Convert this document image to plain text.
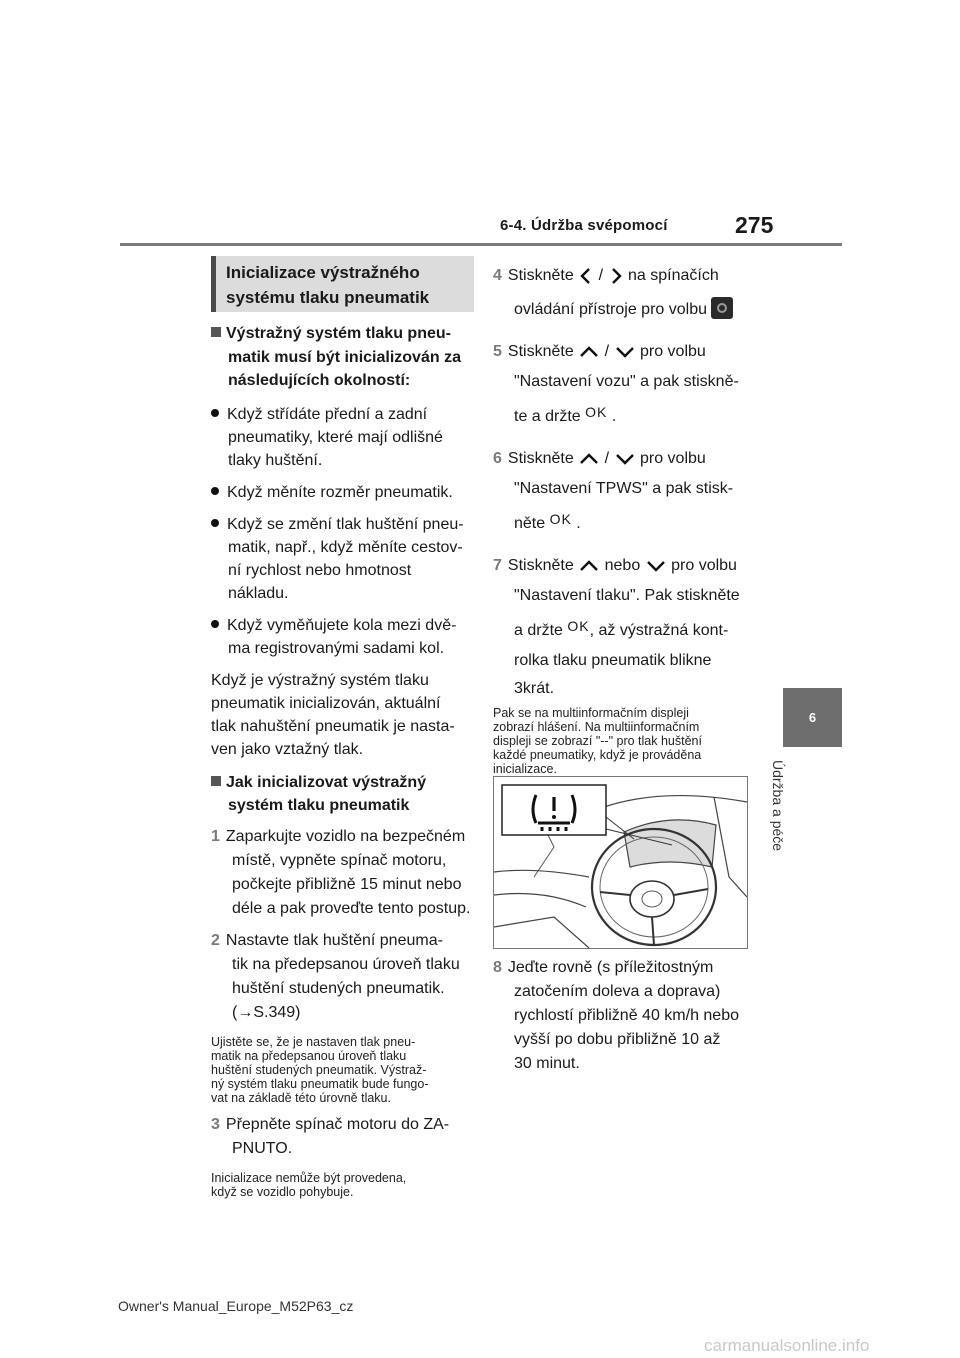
6-4. Údržba svépomocí	275
6
Údržba a péče
Inicializace výstražného
systému tlaku pneumatik
Výstražný systém tlaku pneu-
matik musí být inicializován za
následujících okolností:
Když střídáte přední a zadní
pneumatiky, které mají odlišné
tlaky huštění.
Když měníte rozměr pneumatik.
Když se změní tlak huštění pneu-
matik, např., když měníte cestov-
ní rychlost nebo hmotnost
nákladu.
Když vyměňujete kola mezi dvě-
ma registrovanými sadami kol.
Když je výstražný systém tlaku
pneumatik inicializován, aktuální
tlak nahuštění pneumatik je nasta-
ven jako vztažný tlak.
Jak inicializovat výstražný
systém tlaku pneumatik
1 Zaparkujte vozidlo na bezpečném
místě, vypněte spínač motoru,
počkejte přibližně 15 minut nebo
déle a pak proveďte tento postup.
2 Nastavte tlak huštění pneuma-
tik na předepsanou úroveň tlaku
huštění studených pneumatik.
(→S.349)
Ujistěte se, že je nastaven tlak pneu-
matik na předepsanou úroveň tlaku
huštění studených pneumatik. Výstraž-
ný systém tlaku pneumatik bude fungo-
vat na základě této úrovně tlaku.
3 Přepněte spínač motoru do ZA-
PNUTO.
Inicializace nemůže být provedena,
když se vozidlo pohybuje.
4 Stiskněte / na spínačích
ovládání přístroje pro volbu
5 Stiskněte / pro volbu
"Nastavení vozu" a pak stiskně-
te a držte OK .
6 Stiskněte / pro volbu
"Nastavení TPWS" a pak stisk-
něte OK .
7 Stiskněte nebo pro volbu
"Nastavení tlaku". Pak stiskněte
a držte OK, až výstražná kont-
rolka tlaku pneumatik blikne
3krát.
Pak se na multiinformačním displeji
zobrazí hlášení. Na multiinformačním
displeji se zobrazí "--" pro tlak huštění
každé pneumatiky, když je prováděna
inicializace.
8 Jeďte rovně (s příležitostným
zatočením doleva a doprava)
rychlostí přibližně 40 km/h nebo
vyšší po dobu přibližně 10 až
30 minut.
Owner's Manual_Europe_M52P63_cz
carmanualsonline.info
